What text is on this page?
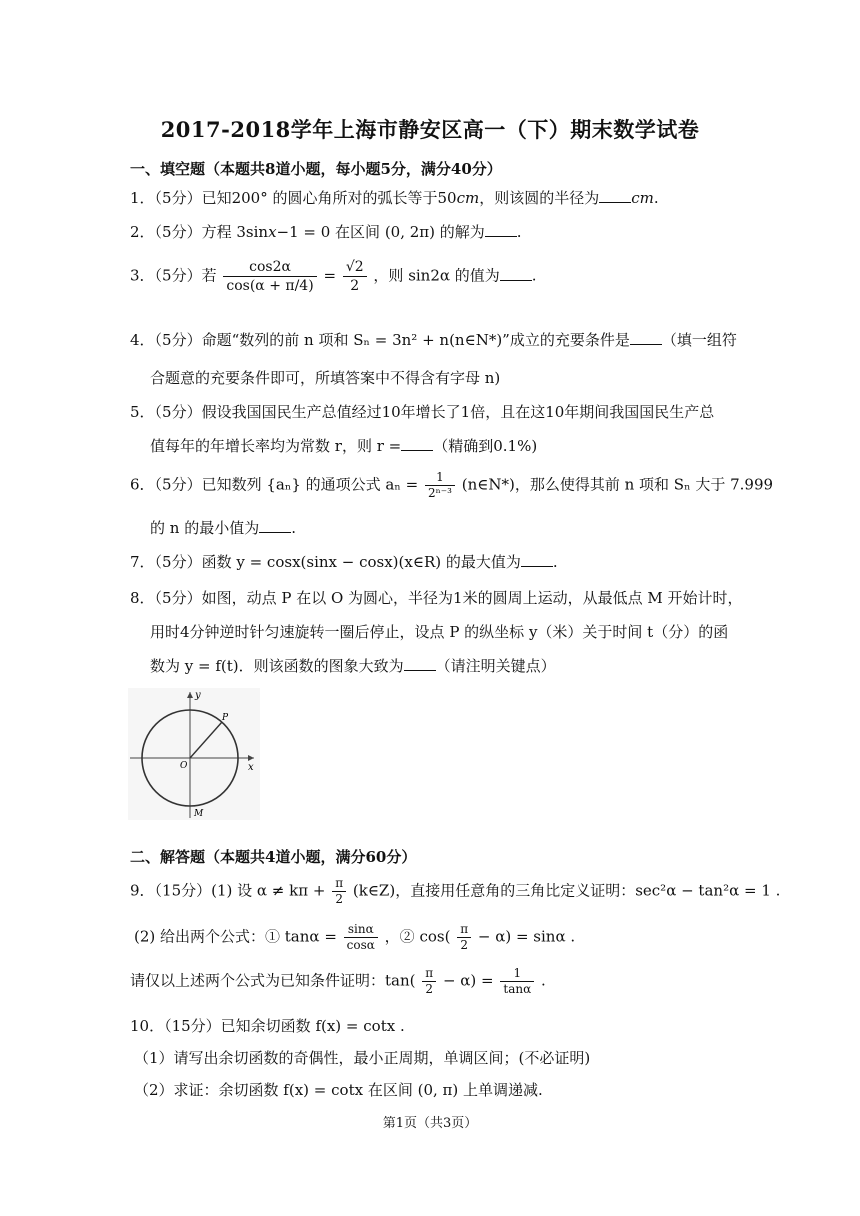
2017-2018学年上海市静安区高一（下）期末数学试卷
一、填空题（本题共8道小题，每小题5分，满分40分）
1．（5分）已知200° 的圆心角所对的弧长等于50cm，则该圆的半径为 cm.
2．（5分）方程 3sinx−1 = 0 在区间 (0, 2π) 的解为 .
3．（5分）若 $\frac{\cos 2\alpha}{\cos(\alpha + \pi/4)} = \frac{√2}{2}$ ，则 sin2α 的值为 .
4．（5分）命题“数列的前 n 项和 Sₙ = 3n² + n(n∈N*)”成立的充要条件是 （填一组符
合题意的充要条件即可，所填答案中不得含有字母 n)
5．（5分）假设我国国民生产总值经过10年增长了1倍，且在这10年期间我国国民生产总
值每年的年增长率均为常数 r，则 r = （精确到0.1%)
6．（5分）已知数列 {aₙ} 的通项公式 $a_n = \frac{1}{\text{2ⁿ⁻³}}$ (n∈N*)，那么使得其前 n 项和 Sₙ 大于 7.999
的 n 的最小值为 .
7．（5分）函数 y = cosx(sinx − cosx)(x∈R) 的最大值为 .
8．（5分）如图，动点 P 在以 O 为圆心，半径为1米的圆周上运动，从最低点 M 开始计时，
用时4分钟逆时针匀速旋转一圈后停止，设点 P 的纵坐标 y（米）关于时间 t（分）的函
数为 y = f(t)．则该函数的图象大致为 （请注明关键点）
y
x
O
P
M
二、解答题（本题共4道小题，满分60分）
9．（15分）(1) 设 $\alpha \ne k\pi + \frac{\pi}{2}$ (k∈Z)，直接用任意角的三角比定义证明：sec²α − tan²α = 1 .
(2) 给出两个公式：① $\tan\alpha = \frac{\sin\alpha}{\cos\alpha}$ ，② $\cos( \frac{\pi}{2} - \alpha) = \sin\alpha$ .
请仅以上述两个公式为已知条件证明：$\tan( \frac{\pi}{2} - \alpha) = \frac{1}{\tan\alpha}$ .
10．（15分）已知余切函数 f(x) = cotx .
（1）请写出余切函数的奇偶性，最小正周期，单调区间；(不必证明)
（2）求证：余切函数 f(x) = cotx 在区间 (0, π) 上单调递减.
第1页（共3页）
